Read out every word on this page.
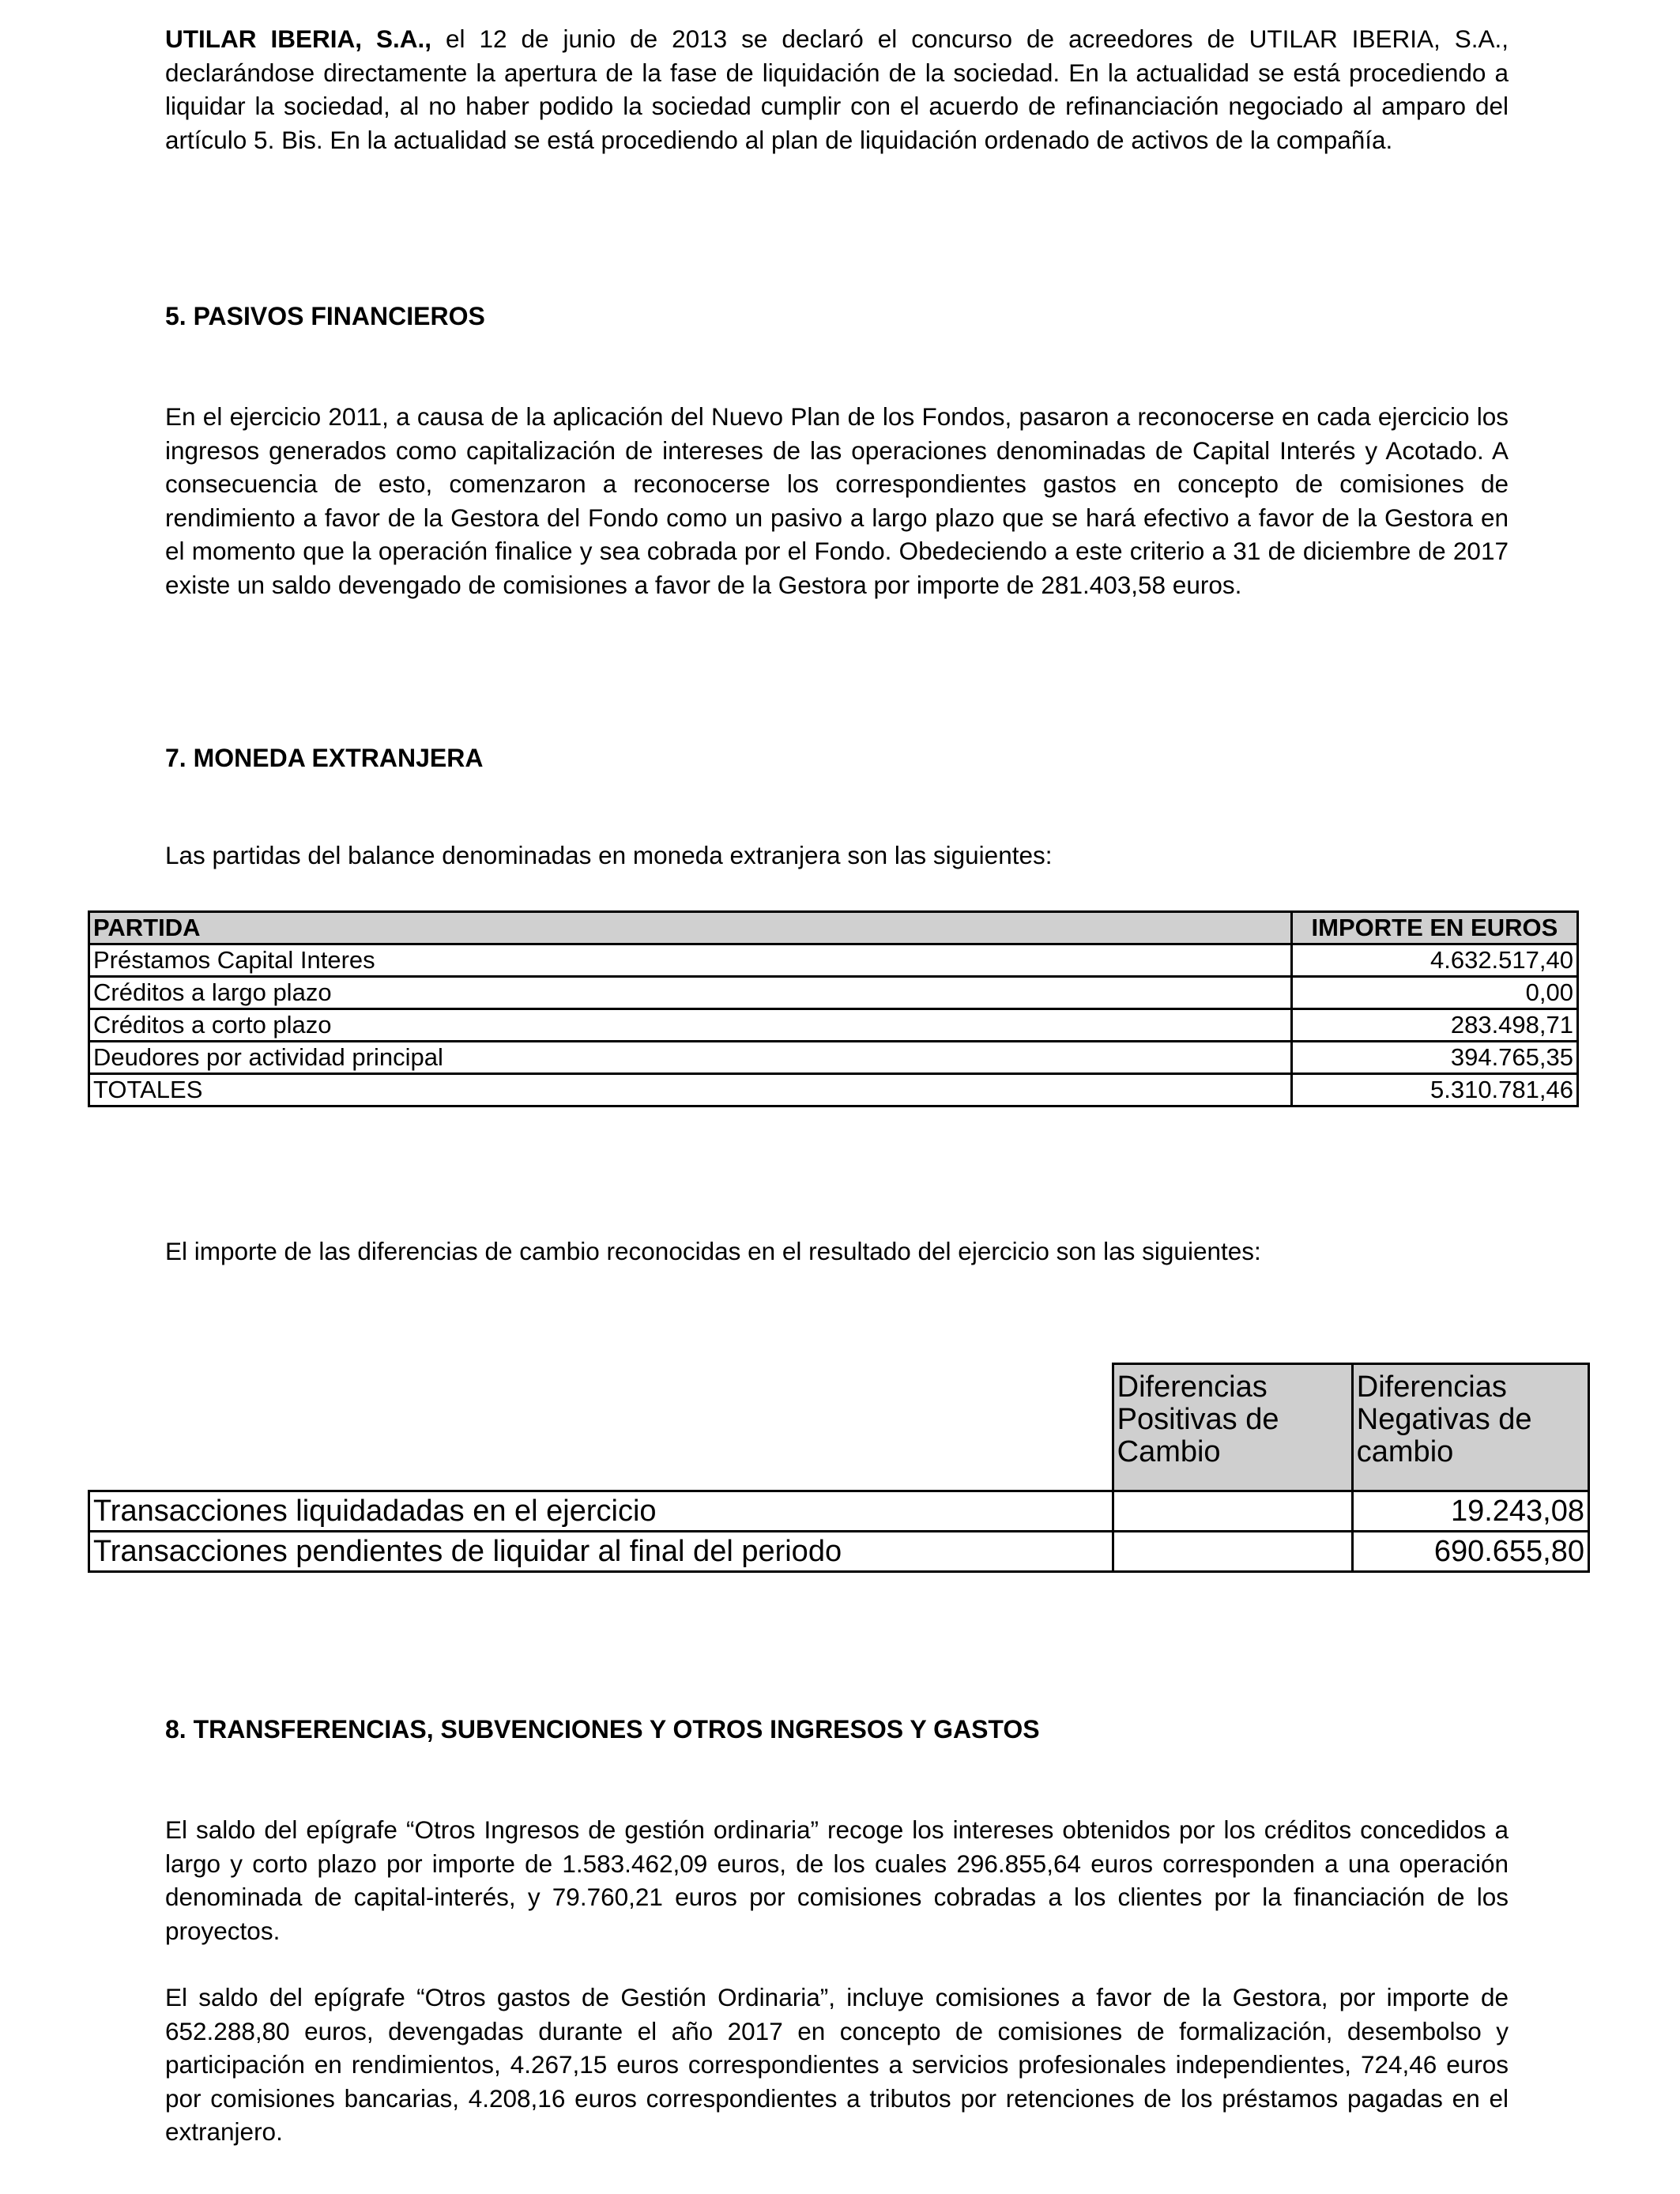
UTILAR IBERIA, S.A., el 12 de junio de 2013 se declaró el concurso de acreedores de UTILAR IBERIA, S.A., declarándose directamente la apertura de la fase de liquidación de la sociedad. En la actualidad se está procediendo a liquidar la sociedad, al no haber podido la sociedad cumplir con el acuerdo de refinanciación negociado al amparo del artículo 5. Bis. En la actualidad se está procediendo al plan de liquidación ordenado de activos de la compañía.

5. PASIVOS FINANCIEROS

En el ejercicio 2011, a causa de la aplicación del Nuevo Plan de los Fondos, pasaron a reconocerse en cada ejercicio los ingresos generados como capitalización de intereses de las operaciones denominadas de Capital Interés y Acotado. A consecuencia de esto, comenzaron a reconocerse los correspondientes gastos en concepto de comisiones de rendimiento a favor de la Gestora del Fondo como un pasivo a largo plazo que se hará efectivo a favor de la Gestora en el momento que la operación finalice y sea cobrada por el Fondo. Obedeciendo a este criterio a 31 de diciembre de 2017 existe un saldo devengado de comisiones a favor de la Gestora por importe de 281.403,58 euros.

7. MONEDA EXTRANJERA

Las partidas del balance denominadas en moneda extranjera son las siguientes:

PARTIDA	IMPORTE EN EUROS
Préstamos Capital Interes	4.632.517,40
Créditos a largo plazo	0,00
Créditos a corto plazo	283.498,71
Deudores por actividad principal	394.765,35
TOTALES	5.310.781,46

El importe de las diferencias de cambio reconocidas en el resultado del ejercicio son las siguientes:

	Diferencias Positivas de Cambio	Diferencias Negativas de cambio
Transacciones liquidadadas en el ejercicio		19.243,08
Transacciones pendientes de liquidar al final del periodo		690.655,80
8. TRANSFERENCIAS, SUBVENCIONES Y OTROS INGRESOS Y GASTOS

El saldo del epígrafe “Otros Ingresos de gestión ordinaria” recoge los intereses obtenidos por los créditos concedidos a largo y corto plazo por importe de 1.583.462,09 euros, de los cuales 296.855,64 euros corresponden a una operación denominada de capital-interés, y 79.760,21 euros por comisiones cobradas a los clientes por la financiación de los proyectos.

El saldo del epígrafe “Otros gastos de Gestión Ordinaria”, incluye comisiones a favor de la Gestora, por importe de 652.288,80 euros, devengadas durante el año 2017 en concepto de comisiones de formalización, desembolso y participación en rendimientos, 4.267,15 euros correspondientes a servicios profesionales independientes, 724,46 euros por comisiones bancarias, 4.208,16 euros correspondientes a tributos por retenciones de los préstamos pagadas en el extranjero.
